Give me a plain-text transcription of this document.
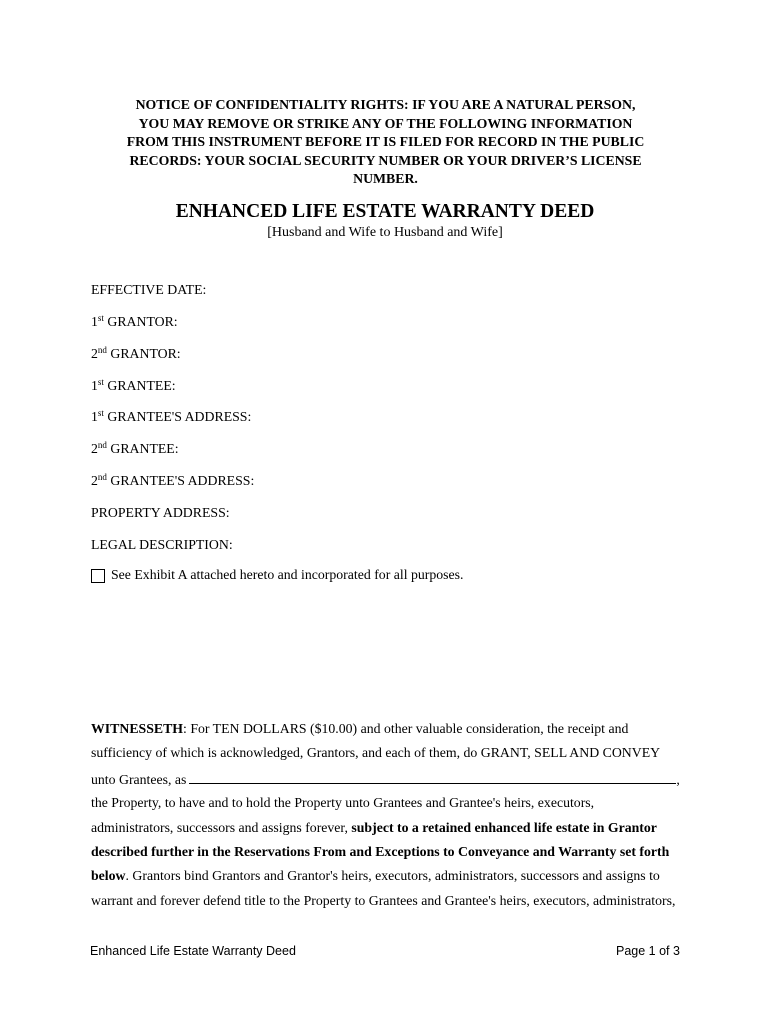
NOTICE OF CONFIDENTIALITY RIGHTS: IF YOU ARE A NATURAL PERSON,
YOU MAY REMOVE OR STRIKE ANY OF THE FOLLOWING INFORMATION
FROM THIS INSTRUMENT BEFORE IT IS FILED FOR RECORD IN THE PUBLIC
RECORDS: YOUR SOCIAL SECURITY NUMBER OR YOUR DRIVER’S LICENSE
NUMBER.
ENHANCED LIFE ESTATE WARRANTY DEED
[Husband and Wife to Husband and Wife]
EFFECTIVE DATE:
1st GRANTOR:
2nd GRANTOR:
1st GRANTEE:
1st GRANTEE'S ADDRESS:
2nd GRANTEE:
2nd GRANTEE'S ADDRESS:
PROPERTY ADDRESS:
LEGAL DESCRIPTION:
See Exhibit A attached hereto and incorporated for all purposes.
WITNESSETH: For TEN DOLLARS ($10.00) and other valuable consideration, the receipt and
sufficiency of which is acknowledged, Grantors, and each of them, do GRANT, SELL AND CONVEY
unto Grantees, as	,
the Property, to have and to hold the Property unto Grantees and Grantee's heirs, executors,
administrators, successors and assigns forever, subject to a retained enhanced life estate in Grantor
described further in the Reservations From and Exceptions to Conveyance and Warranty set forth
below. Grantors bind Grantors and Grantor's heirs, executors, administrators, successors and assigns to
warrant and forever defend title to the Property to Grantees and Grantee's heirs, executors, administrators,
Enhanced Life Estate Warranty Deed	Page 1 of 3
